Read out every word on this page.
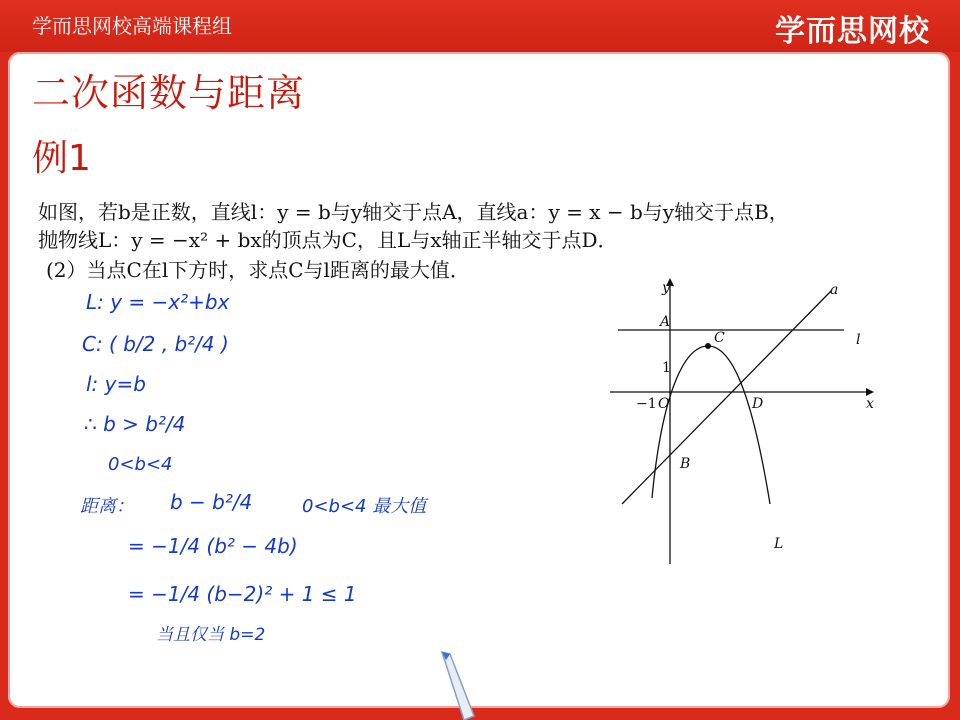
学而思网校高端课程组	学而思网校
二次函数与距离
例1
如图，若b是正数，直线l：y = b与y轴交于点A，直线a：y = x − b与y轴交于点B，
抛物线L：y = −x² + bx的顶点为C，且L与x轴正半轴交于点D．
(2）当点C在l下方时，求点C与l距离的最大值．
L: y = −x²+bx
C: ( b/2 , b²/4 )
l: y=b
∴ b > b²/4
0<b<4
距离： b − b²/4	0<b<4 最大值
= −1/4 (b² − 4b)
= −1/4 (b−2)² + 1 ≤ 1
当且仅当 b=2
y
x
A
C	l
a
1
−1 O	D
B
L
